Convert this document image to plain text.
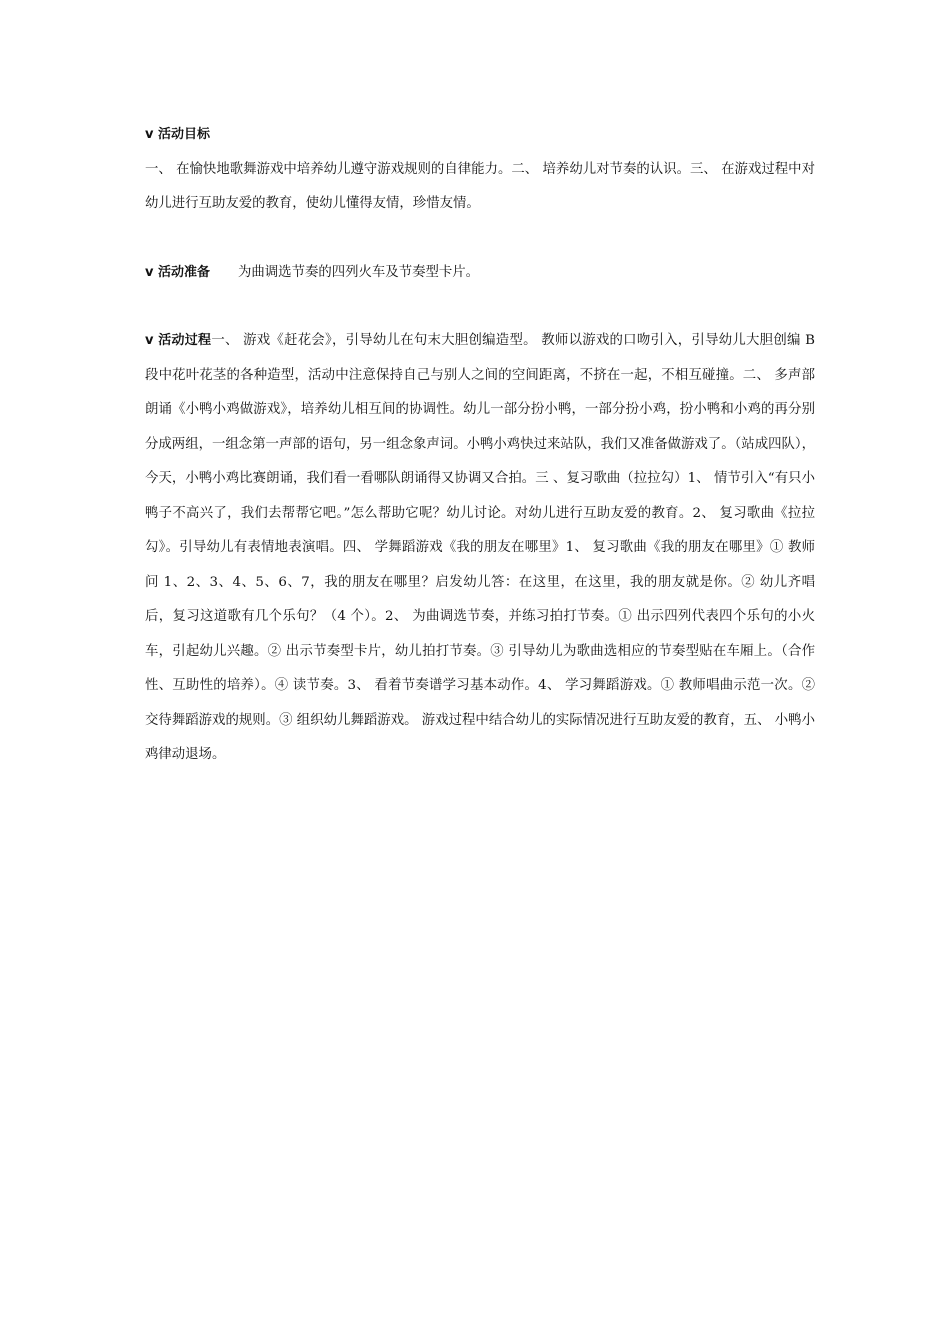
v 活动目标

一、 在愉快地歌舞游戏中培养幼儿遵守游戏规则的自律能力。二、 培养幼儿对节奏的认识。三、 在游戏过程中对幼儿进行互助友爱的教育，使幼儿懂得友情，珍惜友情。

v 活动准备 为曲调选节奏的四列火车及节奏型卡片。

v 活动过程一、 游戏《赶花会》，引导幼儿在句末大胆创编造型。 教师以游戏的口吻引入，引导幼儿大胆创编 B 段中花叶花茎的各种造型，活动中注意保持自己与别人之间的空间距离，不挤在一起，不相互碰撞。二、 多声部朗诵《小鸭小鸡做游戏》，培养幼儿相互间的协调性。幼儿一部分扮小鸭，一部分扮小鸡，扮小鸭和小鸡的再分别分成两组，一组念第一声部的语句，另一组念象声词。小鸭小鸡快过来站队，我们又准备做游戏了。（站成四队），今天，小鸭小鸡比赛朗诵，我们看一看哪队朗诵得又协调又合拍。三 、复习歌曲（拉拉勾）1、 情节引入“有只小鸭子不高兴了，我们去帮帮它吧。”怎么帮助它呢？幼儿讨论。对幼儿进行互助友爱的教育。2、 复习歌曲《拉拉勾》。引导幼儿有表情地表演唱。四、 学舞蹈游戏《我的朋友在哪里》1、 复习歌曲《我的朋友在哪里》① 教师问 1、2、3、4、5、6、7，我的朋友在哪里？启发幼儿答：在这里，在这里，我的朋友就是你。② 幼儿齐唱后，复习这道歌有几个乐句？（4 个）。2、 为曲调选节奏，并练习拍打节奏。① 出示四列代表四个乐句的小火车，引起幼儿兴趣。② 出示节奏型卡片，幼儿拍打节奏。③ 引导幼儿为歌曲选相应的节奏型贴在车厢上。（合作性、互助性的培养）。④ 读节奏。3、 看着节奏谱学习基本动作。4、 学习舞蹈游戏。① 教师唱曲示范一次。② 交待舞蹈游戏的规则。③ 组织幼儿舞蹈游戏。 游戏过程中结合幼儿的实际情况进行互助友爱的教育，五、 小鸭小鸡律动退场。
